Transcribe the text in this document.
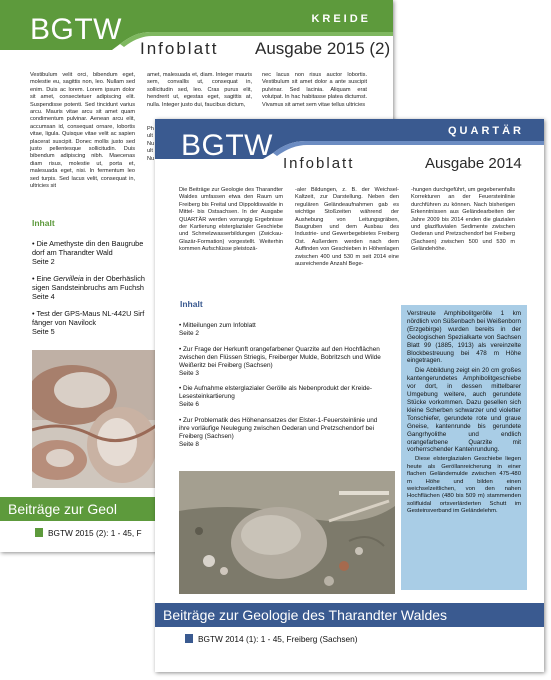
BGTW	KREIDE
Infoblatt Ausgabe 2015 (2)
Vestibulum velit orci, bibendum eget, molestie eu, sagittis non, leo. Nullam sed enim. Duis ac lorem. Lorem ipsum dolor sit amet, consectetuer adipiscing elit. Suspendisse potenti. Sed tincidunt varius arcu. Mauris vitae arcu sit amet quam condimentum pulvinar. Aenean arcu elit, accumsan id, consequat ornare, lobortis vitae, ligula. Quisque vitae velit ac sapien placerat suscipit. Donec mollis justo sed justo pellentesque sollicitudin. Duis bibendum adipiscing nibh. Maecenas diam risus, molestie ut, porta et, malesuada eget, nisi. In fermentum leo sed turpis. Sed lacus velit, consequat in, ultricies sit
amet, malesuada et, diam. Integer mauris sem, convallis ut, consequat in, sollicitudin sed, leo. Cras purus elit, hendrerit ut, egestas eget, sagittis at, nulla. Integer justo dui, faucibus dictum,
nec lacus non risus auctor lobortis. Vestibulum sit amet dolor a ante suscipit pulvinar. Sed lacinia. Aliquam erat volutpat. In hac habitasse platea dictumst. Vivamus sit amet sem vitae tellus ultricies
Ph
ult
Nu
ult
Nu
Inhalt
• Die Amethyste din den Baugrube
dorf am Tharandter Wald
Seite 2
• Eine Gervilleia in der Oberhäslich
sigen Sandsteinbruchs am Fuchsh
Seite 4
• Test der GPS-Maus NL-442U Sirf
fänger von Navilock
Seite 5
Beiträge zur Geol
BGTW 2015 (2): 1 - 45, F
BGTW	QUARTÄR
Infoblatt	Ausgabe 2014
Die Beiträge zur Geologie des Tharandter Waldes umfassen etwa den Raum um Freiberg bis Freital und Dippoldiswalde in Mittel- bis Ostsachsen. In der Ausgabe QUARTÄR werden vorrangig Ergebnisse der Kartierung elsterglazialer Geschiebe und Schmelzwasserbildungen (Zwickau-Glazär-Formation) vorgestellt. Weiterhin kommen Aufschlüsse pleistozä-
-aler Bildungen, z. B. der Weichsel-Kaltzeit, zur Darstellung. Neben den regulären Geländeaufnahmen gab es wichtige Stoßzeiten während der Aushebung von Leitungsgräben, Baugruben und dem Ausbau des Industrie- und Gewerbegebietes Freiberg Ost. Außerdem werden nach dem Auffinden von Geschieben in Höhenlagen zwischen 400 und 530 m seit 2014 eine ausreichende Anzahl Bege-
-hungen durchgeführt, um gegebenenfalls Korrekturen an der Feuersteinlinie durchführen zu können. Nach bisherigen Erkenntnissen aus Geländearbeiten der Jahre 2009 bis 2014 enden die glazialen und glazifluvialen Sedimente zwischen Oederan und Pretzschendorf bei Freiberg (Sachsen) zwischen 500 und 530 m Geländehöhe.
Inhalt
• Mitteilungen zum Infoblatt
Seite 2
• Zur Frage der Herkunft orangefarbener Quarzite auf den Hochflächen zwischen den Flüssen Striegis, Freiberger Mulde, Bobritzsch und Wilde Weißeritz bei Freiberg (Sachsen)
Seite 3
• Die Aufnahme elsterglazialer Gerölle als Nebenprodukt der Kreide-Lesesteinkartierung
Seite 6
• Zur Problematik des Höhenansatzes der Elster-1-Feuersteinlinie und ihre vorläufige Neulegung zwischen Oederan und Pretzschendorf bei Freiberg (Sachsen)
Seite 8
Verstreute Amphibolitgerölle 1 km nördlich von Süßenbach bei Weißenborn (Erzgebirge) wurden bereits in der Geologischen Spezialkarte von Sachsen Blatt 99 (1885, 1913) als vereinzelte Blockbestreuung bei 478 m Höhe eingetragen.
Die Abbildung zeigt ein 20 cm großes kantengerundetes Amphibolitgeschiebe vor dort, in dessen mittelbarer Umgebung weitere, auch gerundete Stücke vorkommen. Dazu gesellen sich kleine Scherben schwarzer und violetter Tonschiefer, gerundete rote und graue Gneise, kantenrunde bis gerundete Gangrhyolithe und endlich orangefarbene Quarzite mit vorherrschender Kantenrundung.
Diese elsterglazialen Geschiebe liegen heute als Geröllanreicherung in einer flachen Geländemulde zwischen 475-480 m Höhe und bilden einen weichselzeitlichen, von den nahen Hochflächen (480 bis 509 m) stammenden solifluidal ortsverlärderten Schutt im Gesteinsverband im Geländelehm.
Beiträge zur Geologie des Tharandter Waldes
BGTW 2014 (1): 1 - 45, Freiberg (Sachsen)
